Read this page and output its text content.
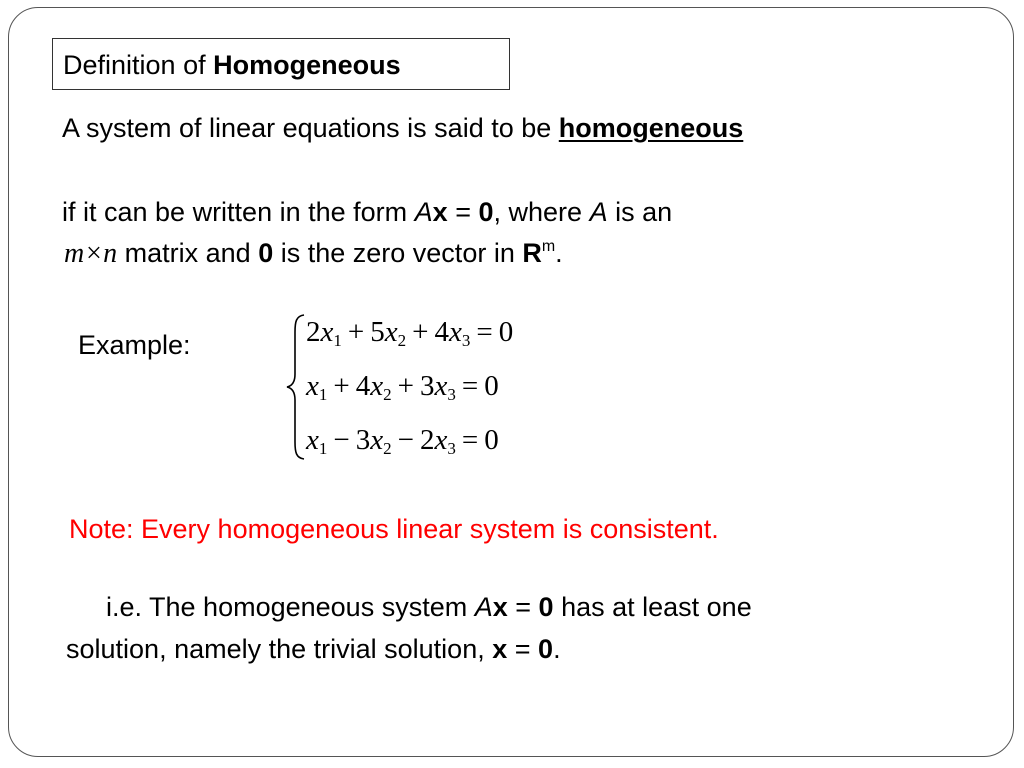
Definition of Homogeneous
A system of linear equations is said to be homogeneous
if it can be written in the form Ax = 0, where A is an
m×n matrix and 0 is the zero vector in $R^m$.
Example:	$2x_1 + 5x_2 + 4x_3 = 0$
$x_1 + 4x_2 + 3x_3 = 0$
$x_1 - 3x_2 - 2x_3 = 0$
Note: Every homogeneous linear system is consistent.
i.e. The homogeneous system Ax = 0 has at least one
solution, namely the trivial solution, x = 0.
